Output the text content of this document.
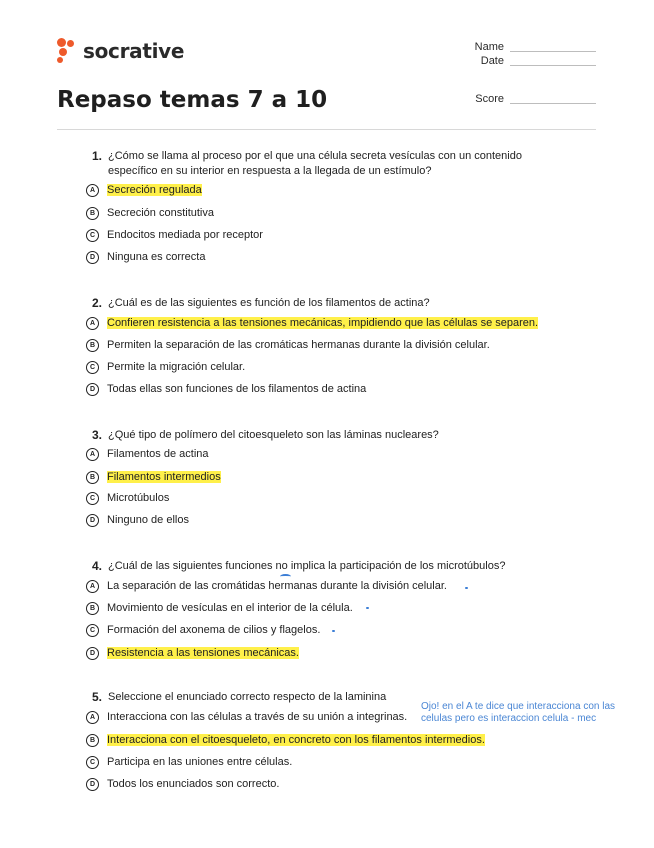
socrative
Repaso temas 7 a 10
Name
Date
Score
1. ¿Cómo se llama al proceso por el que una célula secreta vesículas con un contenido
específico en su interior en respuesta a la llegada de un estímulo?
A	Secreción regulada
B	Secreción constitutiva
C	Endocitos mediada por receptor
D	Ninguna es correcta
2. ¿Cuál es de las siguientes es función de los filamentos de actina?
A	Confieren resistencia a las tensiones mecánicas, impidiendo que las células se separen.
B	Permiten la separación de las cromáticas hermanas durante la división celular.
C	Permite la migración celular.
D	Todas ellas son funciones de los filamentos de actina
3. ¿Qué tipo de polímero del citoesqueleto son las láminas nucleares?
A	Filamentos de actina
B	Filamentos intermedios
C	Microtúbulos
D	Ninguno de ellos
4. ¿Cuál de las siguientes funciones no implica la participación de los microtúbulos?
A	La separación de las cromátidas hermanas durante la división celular.
B	Movimiento de vesículas en el interior de la célula.
C	Formación del axonema de cilios y flagelos.
D	Resistencia a las tensiones mecánicas.
5. Seleccione el enunciado correcto respecto de la laminina
A	Interacciona con las células a través de su unión a integrinas.
B	Interacciona con el citoesqueleto, en concreto con los filamentos intermedios.
C	Participa en las uniones entre células.
D	Todos los enunciados son correcto.
Ojo! en el A te dice que interacciona con las
celulas pero es interaccion celula - mec
